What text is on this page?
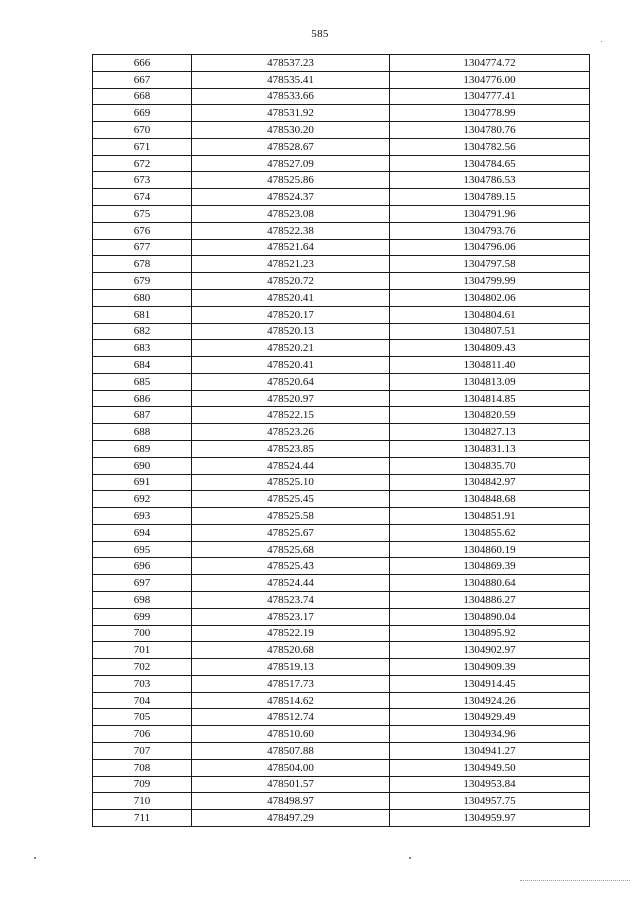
585
666	478537.23	1304774.72
667	478535.41	1304776.00
668	478533.66	1304777.41
669	478531.92	1304778.99
670	478530.20	1304780.76
671	478528.67	1304782.56
672	478527.09	1304784.65
673	478525.86	1304786.53
674	478524.37	1304789.15
675	478523.08	1304791.96
676	478522.38	1304793.76
677	478521.64	1304796.06
678	478521.23	1304797.58
679	478520.72	1304799.99
680	478520.41	1304802.06
681	478520.17	1304804.61
682	478520.13	1304807.51
683	478520.21	1304809.43
684	478520.41	1304811.40
685	478520.64	1304813.09
686	478520.97	1304814.85
687	478522.15	1304820.59
688	478523.26	1304827.13
689	478523.85	1304831.13
690	478524.44	1304835.70
691	478525.10	1304842.97
692	478525.45	1304848.68
693	478525.58	1304851.91
694	478525.67	1304855.62
695	478525.68	1304860.19
696	478525.43	1304869.39
697	478524.44	1304880.64
698	478523.74	1304886.27
699	478523.17	1304890.04
700	478522.19	1304895.92
701	478520.68	1304902.97
702	478519.13	1304909.39
703	478517.73	1304914.45
704	478514.62	1304924.26
705	478512.74	1304929.49
706	478510.60	1304934.96
707	478507.88	1304941.27
708	478504.00	1304949.50
709	478501.57	1304953.84
710	478498.97	1304957.75
711	478497.29	1304959.97
